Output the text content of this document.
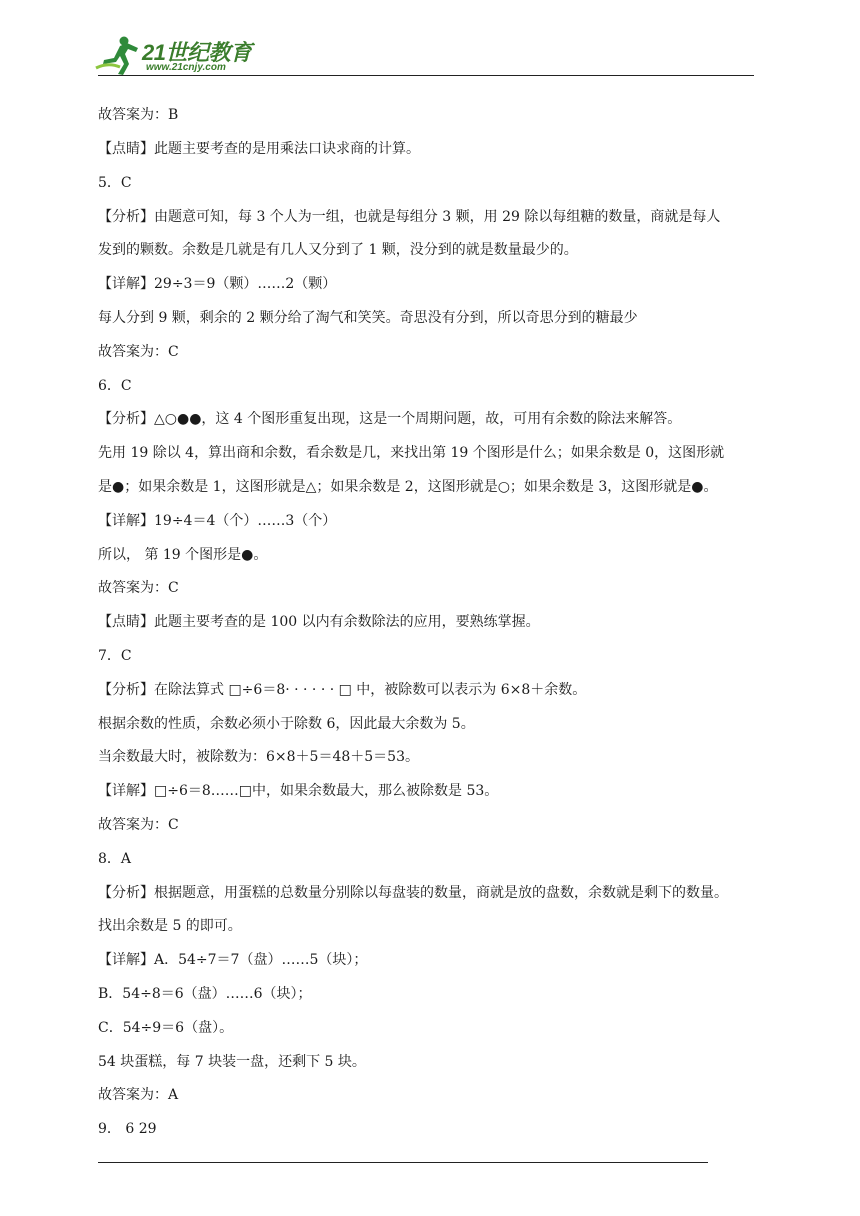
21世纪教育
www.21cnjy.com
故答案为：B
【点睛】此题主要考查的是用乘法口诀求商的计算。
5．C
【分析】由题意可知，每 3 个人为一组，也就是每组分 3 颗，用 29 除以每组糖的数量，商就是每人
发到的颗数。余数是几就是有几人又分到了 1 颗，没分到的就是数量最少的。
【详解】29÷3＝9（颗）……2（颗）
每人分到 9 颗，剩余的 2 颗分给了淘气和笑笑。奇思没有分到，所以奇思分到的糖最少
故答案为：C
6．C
【分析】△○●●，这 4 个图形重复出现，这是一个周期问题，故，可用有余数的除法来解答。
先用 19 除以 4，算出商和余数，看余数是几，来找出第 19 个图形是什么；如果余数是 0，这图形就
是●；如果余数是 1，这图形就是△；如果余数是 2，这图形就是○；如果余数是 3，这图形就是●。
【详解】19÷4＝4（个）……3（个）
所以， 第 19 个图形是●。
故答案为：C
【点睛】此题主要考查的是 100 以内有余数除法的应用，要熟练掌握。
7．C
【分析】在除法算式 □÷6＝8· · · · · · □ 中，被除数可以表示为 6×8＋余数。
根据余数的性质，余数必须小于除数 6，因此最大余数为 5。
当余数最大时，被除数为：6×8＋5＝48＋5＝53。
【详解】□÷6＝8……□中，如果余数最大，那么被除数是 53。
故答案为：C
8．A
【分析】根据题意，用蛋糕的总数量分别除以每盘装的数量，商就是放的盘数，余数就是剩下的数量。
找出余数是 5 的即可。
【详解】A．54÷7＝7（盘）……5（块）；
B．54÷8＝6（盘）……6（块）；
C．54÷9＝6（盘）。
54 块蛋糕，每 7 块装一盘，还剩下 5 块。
故答案为：A
9． 6 29
